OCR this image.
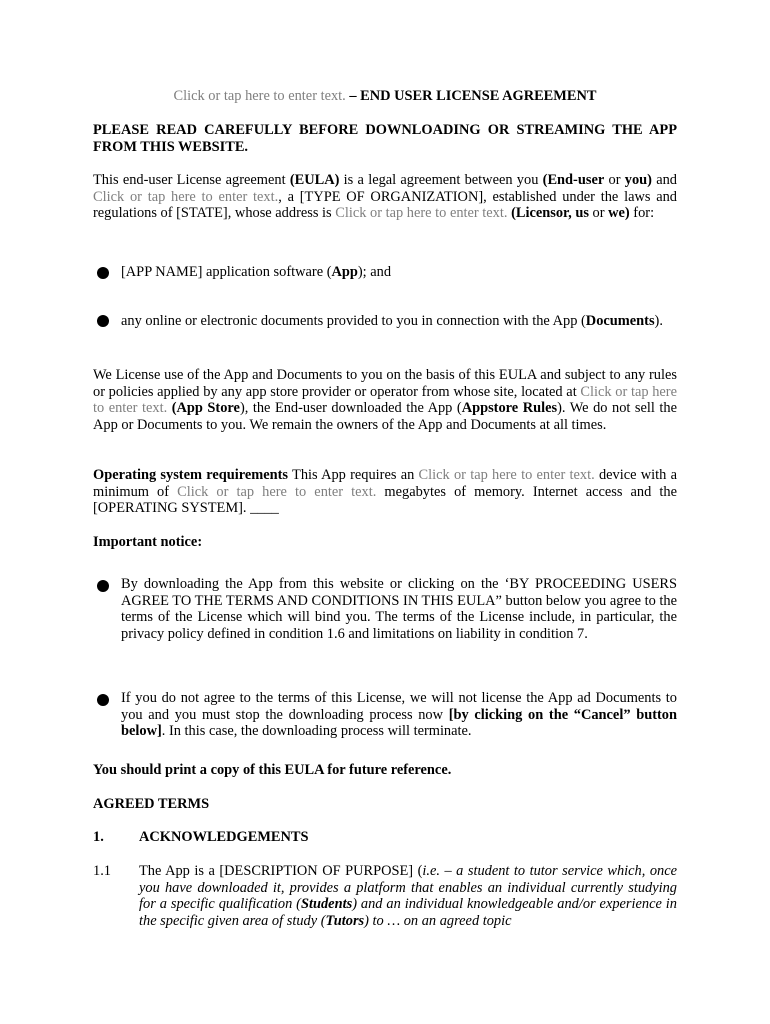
Click or tap here to enter text. – END USER LICENSE AGREEMENT

PLEASE READ CAREFULLY BEFORE DOWNLOADING OR STREAMING THE APP FROM THIS WEBSITE.

This end-user License agreement (EULA) is a legal agreement between you (End-user or you) and Click or tap here to enter text., a [TYPE OF ORGANIZATION], established under the laws and regulations of [STATE], whose address is Click or tap here to enter text. (Licensor, us or we) for:

[APP NAME] application software (App); and

any online or electronic documents provided to you in connection with the App (Documents).

We License use of the App and Documents to you on the basis of this EULA and subject to any rules or policies applied by any app store provider or operator from whose site, located at Click or tap here to enter text. (App Store), the End-user downloaded the App (Appstore Rules). We do not sell the App or Documents to you. We remain the owners of the App and Documents at all times.

Operating system requirements This App requires an Click or tap here to enter text. device with a minimum of Click or tap here to enter text. megabytes of memory. Internet access and the [OPERATING SYSTEM]. ____

Important notice:

By downloading the App from this website or clicking on the ‘BY PROCEEDING USERS AGREE TO THE TERMS AND CONDITIONS IN THIS EULA” button below you agree to the terms of the License which will bind you. The terms of the License include, in particular, the privacy policy defined in condition 1.6 and limitations on liability in condition 7.

If you do not agree to the terms of this License, we will not license the App ad Documents to you and you must stop the downloading process now [by clicking on the “Cancel” button below]. In this case, the downloading process will terminate.

You should print a copy of this EULA for future reference.

AGREED TERMS

1. ACKNOWLEDGEMENTS

1.1 The App is a [DESCRIPTION OF PURPOSE] (i.e. – a student to tutor service which, once you have downloaded it, provides a platform that enables an individual currently studying for a specific qualification (Students) and an individual knowledgeable and/or experience in the specific given area of study (Tutors) to … on an agreed topic
